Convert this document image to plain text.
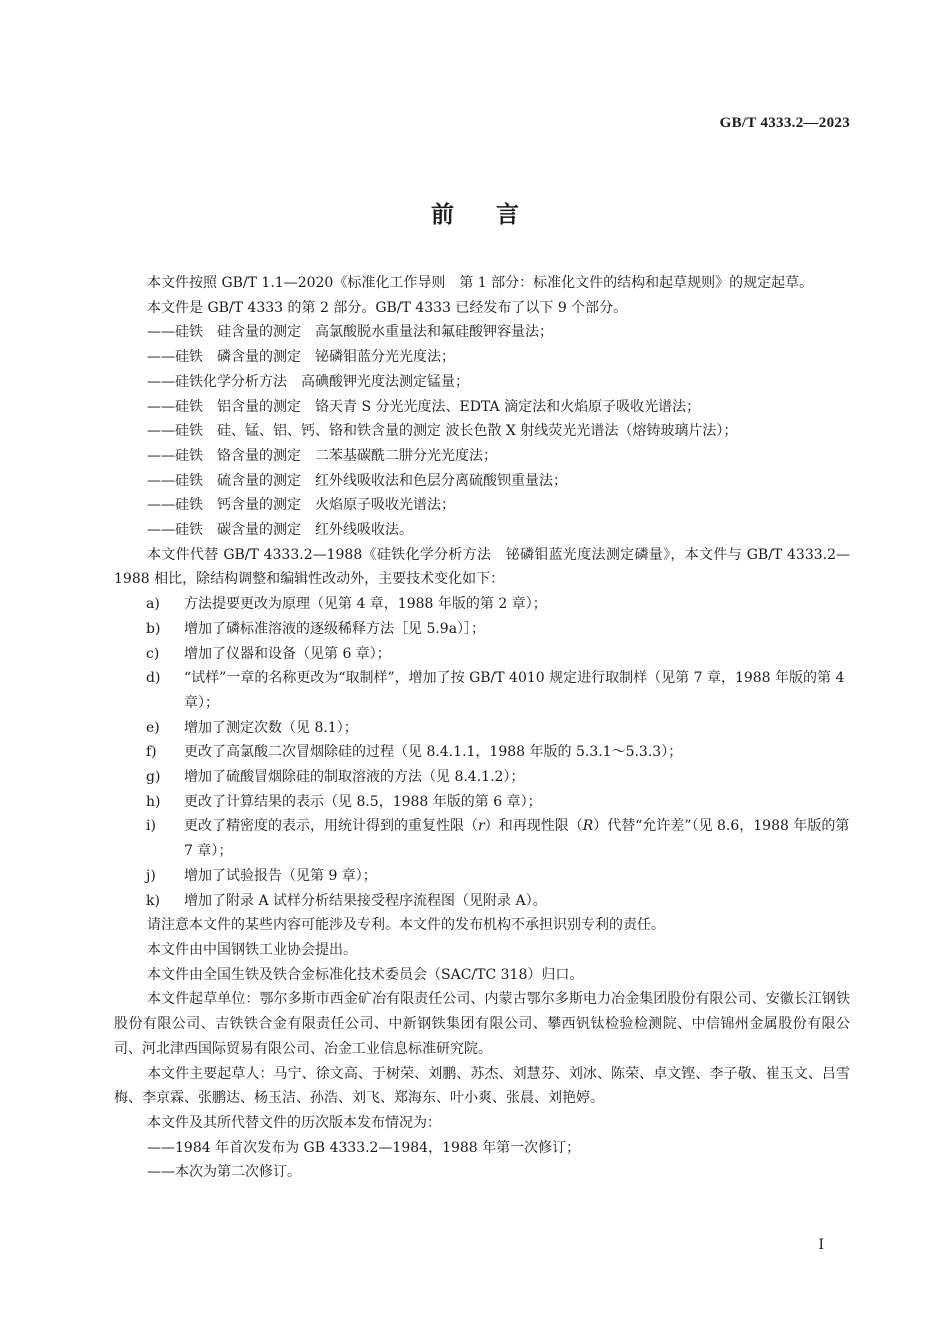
GB/T 4333.2—2023
前言

本文件按照 GB/T 1.1—2020《标准化工作导则　第 1 部分：标准化文件的结构和起草规则》的规定起草。

本文件是 GB/T 4333 的第 2 部分。GB/T 4333 已经发布了以下 9 个部分。

——硅铁　硅含量的测定　高氯酸脱水重量法和氟硅酸钾容量法；

——硅铁　磷含量的测定　铋磷钼蓝分光光度法；

——硅铁化学分析方法　高碘酸钾光度法测定锰量；

——硅铁　铝含量的测定　铬天青 S 分光光度法、EDTA 滴定法和火焰原子吸收光谱法；

——硅铁　硅、锰、铝、钙、铬和铁含量的测定 波长色散 X 射线荧光光谱法（熔铸玻璃片法）；

——硅铁　铬含量的测定　二苯基碳酰二肼分光光度法；

——硅铁　硫含量的测定　红外线吸收法和色层分离硫酸钡重量法；

——硅铁　钙含量的测定　火焰原子吸收光谱法；

——硅铁　碳含量的测定　红外线吸收法。

本文件代替 GB/T 4333.2—1988《硅铁化学分析方法　铋磷钼蓝光度法测定磷量》，本文件与 GB/T 4333.2—1988 相比，除结构调整和编辑性改动外，主要技术变化如下：

a) 方法提要更改为原理（见第 4 章，1988 年版的第 2 章）；

b) 增加了磷标准溶液的逐级稀释方法［见 5.9a）］；

c) 增加了仪器和设备（见第 6 章）；

d) “试样”一章的名称更改为“取制样”，增加了按 GB/T 4010 规定进行取制样（见第 7 章，1988 年版的第 4 章）；

e) 增加了测定次数（见 8.1）；

f) 更改了高氯酸二次冒烟除硅的过程（见 8.4.1.1，1988 年版的 5.3.1～5.3.3）；

g) 增加了硫酸冒烟除硅的制取溶液的方法（见 8.4.1.2）；

h) 更改了计算结果的表示（见 8.5，1988 年版的第 6 章）；

i) 更改了精密度的表示，用统计得到的重复性限（r）和再现性限（R）代替“允许差”（见 8.6，1988 年版的第 7 章）；

j) 增加了试验报告（见第 9 章）；

k) 增加了附录 A 试样分析结果接受程序流程图（见附录 A）。

请注意本文件的某些内容可能涉及专利。本文件的发布机构不承担识别专利的责任。

本文件由中国钢铁工业协会提出。

本文件由全国生铁及铁合金标准化技术委员会（SAC/TC 318）归口。

本文件起草单位：鄂尔多斯市西金矿冶有限责任公司、内蒙古鄂尔多斯电力冶金集团股份有限公司、安徽长江钢铁股份有限公司、吉铁铁合金有限责任公司、中新钢铁集团有限公司、攀西钒钛检验检测院、中信锦州金属股份有限公司、河北津西国际贸易有限公司、冶金工业信息标准研究院。

本文件主要起草人：马宁、徐文高、于树荣、刘鹏、苏杰、刘慧芬、刘冰、陈荣、卓文铿、李子敬、崔玉文、吕雪梅、李京霖、张鹏达、杨玉洁、孙浩、刘飞、郑海东、叶小爽、张晨、刘艳婷。

本文件及其所代替文件的历次版本发布情况为：

——1984 年首次发布为 GB 4333.2—1984，1988 年第一次修订；

——本次为第二次修订。

I
